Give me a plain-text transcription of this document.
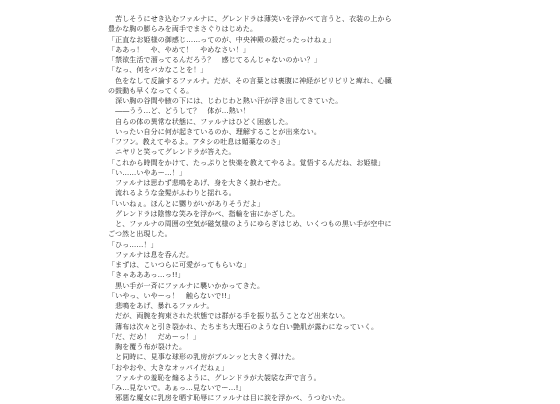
　苦しそうにせき込むファルナに、グレンドラは薄笑いを浮かべて言うと、衣装の上から
豊かな胸の膨らみを両手でまさぐりはじめた。
「正直なお姫様の御感じ……ってのが、中央神殿の殺だったっけねぇ」
「ああっ！　や、やめて！　やめなさい！」
「禁欲生活で溜ってるんだろう？　感じてるんじゃないのかい？」
「なっ、何をバカなことを！」
　色をなして反論するファルナ。だが、その言葉とは裏腹に神経がビリビリと痺れ、心臓
の鼓動も早くなってくる。
　深い胸の谷間や腋の下には、じわじわと熱い汗が浮き出してきていた。
　――うう…ど、どうして？　体が…熱い！
　自らの体の異常な状態に、ファルナはひどく困惑した。
　いったい自分に何が起きているのか、理解することが出来ない。
「フフン。教えてやるよ。アタシの吐息は媚薬なのさ」
　ニヤリと笑ってグレンドラが答えた。
「これから時間をかけて、たっぷりと快楽を教えてやるよ。覚悟するんだね、お姫様」
「い……いやあー…！」
　ファルナは思わず悲鳴をあげ、身を大きく捩わせた。
　流れるような金髪がふわりと揺れる。
「いいねぇ。ほんとに嬲りがいがありそうだよ」
　グレンドラは陰惨な笑みを浮かべ、指輪を宙にかざした。
　と、ファルナの周囲の空気が磁気様のようにゆらぎはじめ、いくつもの黒い手が空中に
ごつ然と出現した。
「ひっ……！」
　ファルナは息を呑んだ。
「まずは、こいつらに可愛がってもらいな」
「きゃあああっ…っ!!」
　黒い手が一斉にファルナに襲いかかってきた。
「いやっ、いやーっ！　触らないで!!」
　悲鳴をあげ、暴れるファルナ。
　だが、両腕を拘束された状態では群がる手を振り払うことなど出来ない。
　薄布は次々と引き裂かれ、たちまち大理石のような白い艶肌が露わになっていく。
「だ、だめ！　だめーっ！」
　胸を覆う布が裂けた。
　と同時に、見事な球形の乳房がブルンッと大きく弾けた。
「おやおや、大きなオッパイだねぇ」
　ファルナの羞恥を煽るように、グレンドラが大袈裟な声で言う。
「み…見ないで。あぁっ…見ないでー…!」
　邪悪な魔女に乳房を晒す恥辱にファルナは目に涙を浮かべ、うつむいた。
